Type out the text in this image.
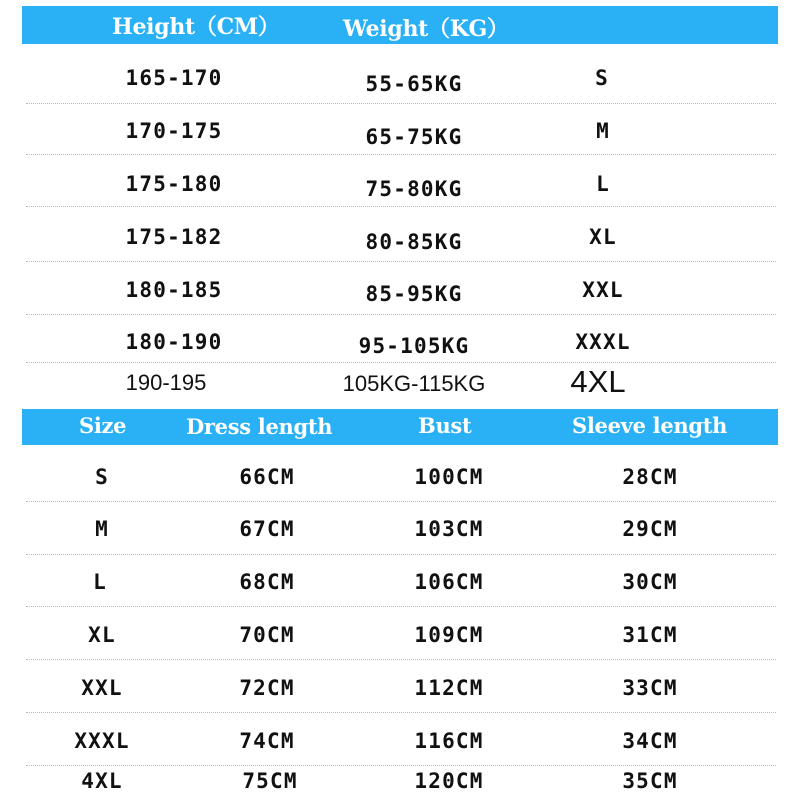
Height（CM）	Weight（KG）
165-170	55-65KG	S
170-175	65-75KG	M
175-180	75-80KG	L
175-182	80-85KG	XL
180-185	85-95KG	XXL
180-190	95-105KG	XXXL
190-195	105KG-115KG	4XL
Size	Dress length	Bust	Sleeve length
S	66CM	100CM	28CM
M	67CM	103CM	29CM
L	68CM	106CM	30CM
XL	70CM	109CM	31CM
XXL	72CM	112CM	33CM
XXXL	74CM	116CM	34CM
4XL	75CM	120CM	35CM
